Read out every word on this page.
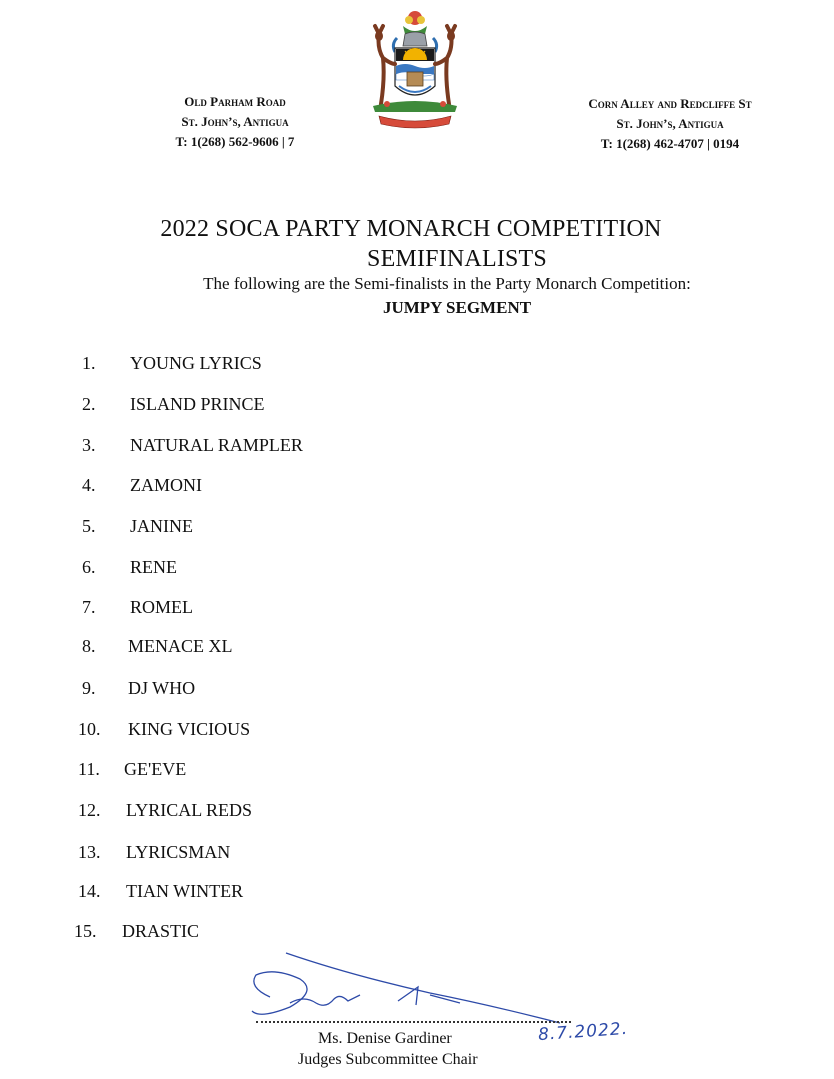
Old Parham Road
St. John’s, Antigua
T: 1(268) 562-9606 | 7
Corn Alley and Redcliffe St
St. John’s, Antigua
T: 1(268) 462-4707 | 0194
2022 SOCA PARTY MONARCH COMPETITION
SEMIFINALISTS
The following are the Semi-finalists in the Party Monarch Competition:
JUMPY SEGMENT
1.	YOUNG LYRICS
2.	ISLAND PRINCE
3.	NATURAL RAMPLER
4.	ZAMONI
5.	JANINE
6.	RENE
7.	ROMEL
8.	MENACE XL
9.	DJ WHO
10.	KING VICIOUS
11.	GE'EVE
12.	LYRICAL REDS
13.	LYRICSMAN
14.	TIAN WINTER
15.	DRASTIC
8.7.2022.
Ms. Denise Gardiner
Judges Subcommittee Chair
